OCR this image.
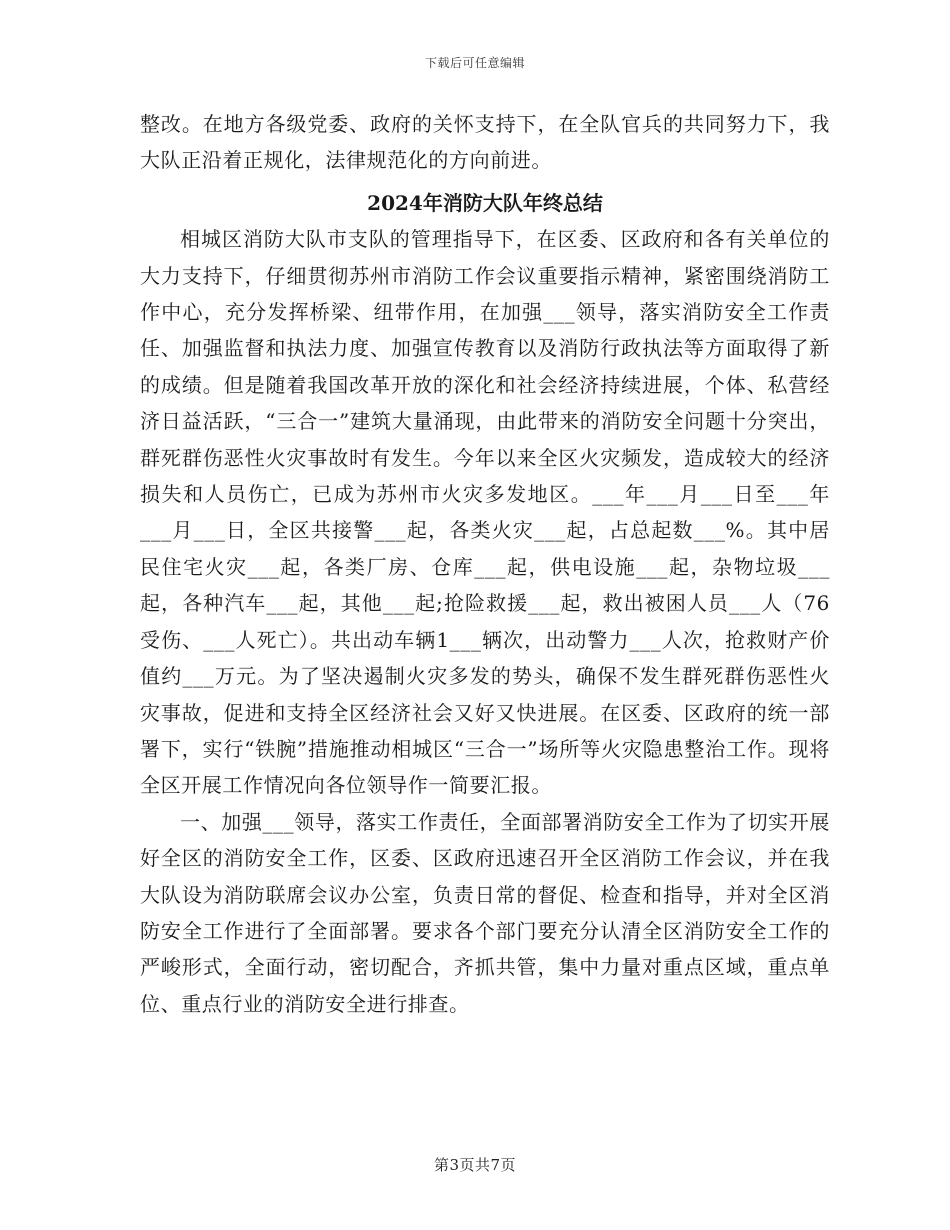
下载后可任意编辑

整改。在地方各级党委、政府的关怀支持下，在全队官兵的共同努力下，我大队正沿着正规化，法律规范化的方向前进。

2024年消防大队年终总结

相城区消防大队市支队的管理指导下，在区委、区政府和各有关单位的大力支持下，仔细贯彻苏州市消防工作会议重要指示精神，紧密围绕消防工作中心，充分发挥桥梁、纽带作用，在加强___领导，落实消防安全工作责任、加强监督和执法力度、加强宣传教育以及消防行政执法等方面取得了新的成绩。但是随着我国改革开放的深化和社会经济持续进展，个体、私营经济日益活跃，“三合一”建筑大量涌现，由此带来的消防安全问题十分突出，群死群伤恶性火灾事故时有发生。今年以来全区火灾频发，造成较大的经济损失和人员伤亡，已成为苏州市火灾多发地区。___年___月___日至___年___月___日，全区共接警___起，各类火灾___起，占总起数___%。其中居民住宅火灾___起，各类厂房、仓库___起，供电设施___起，杂物垃圾___起，各种汽车___起，其他___起;抢险救援___起，救出被困人员___人（76受伤、___人死亡）。共出动车辆1___辆次，出动警力___人次，抢救财产价值约___万元。为了坚决遏制火灾多发的势头，确保不发生群死群伤恶性火灾事故，促进和支持全区经济社会又好又快进展。在区委、区政府的统一部署下，实行“铁腕”措施推动相城区“三合一”场所等火灾隐患整治工作。现将全区开展工作情况向各位领导作一简要汇报。

一、加强___领导，落实工作责任，全面部署消防安全工作为了切实开展好全区的消防安全工作，区委、区政府迅速召开全区消防工作会议，并在我大队设为消防联席会议办公室，负责日常的督促、检查和指导，并对全区消防安全工作进行了全面部署。要求各个部门要充分认清全区消防安全工作的严峻形式，全面行动，密切配合，齐抓共管，集中力量对重点区域，重点单位、重点行业的消防安全进行排查。

第3页共7页
